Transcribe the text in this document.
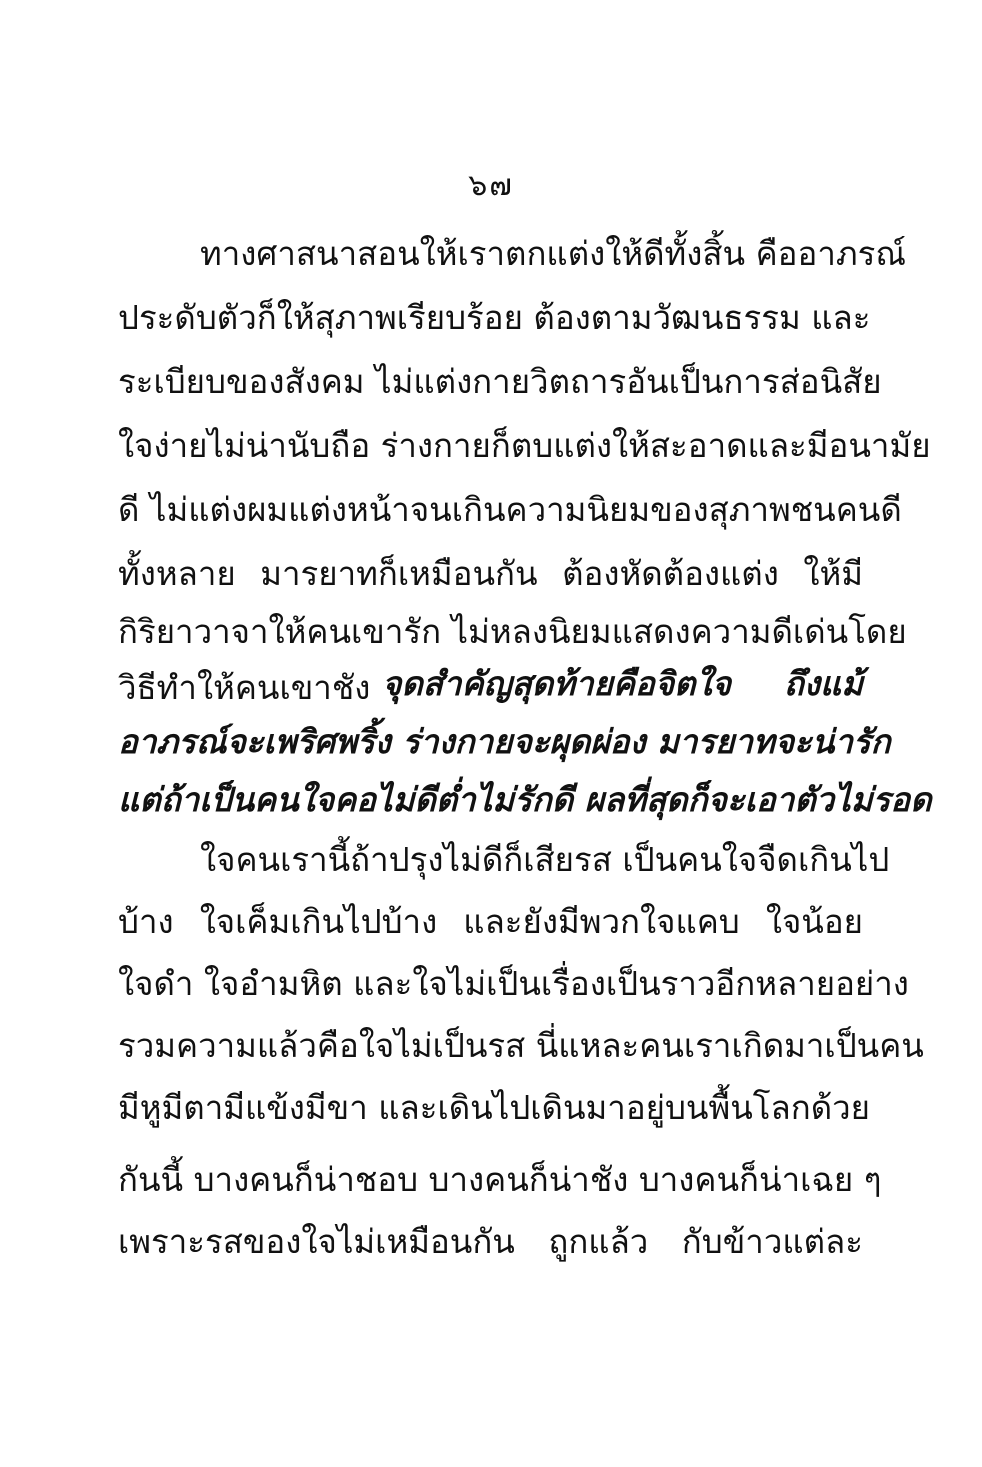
๖๗
ทางศาสนาสอนให้เราตกแต่งให้ดีทั้งสิ้น คืออาภรณ์
ประดับตัวก็ให้สุภาพเรียบร้อย ต้องตามวัฒนธรรม และ
ระเบียบของสังคม ไม่แต่งกายวิตถารอันเป็นการส่อนิสัย
ใจง่ายไม่น่านับถือ ร่างกายก็ตบแต่งให้สะอาดและมีอนามัย
ดี ไม่แต่งผมแต่งหน้าจนเกินความนิยมของสุภาพชนคนดี
ทั้งหลาย มารยาทก็เหมือนกัน ต้องหัดต้องแต่ง ให้มี
กิริยาวาจาให้คนเขารัก ไม่หลงนิยมแสดงความดีเด่นโดย
วิธีทำให้คนเขาชัง จุดสำคัญสุดท้ายคือจิตใจ ถึงแม้
อาภรณ์จะเพริศพริ้ง ร่างกายจะผุดผ่อง มารยาทจะน่ารัก
แต่ถ้าเป็นคนใจคอไม่ดีต่ำไม่รักดี ผลที่สุดก็จะเอาตัวไม่รอด
ใจคนเรานี้ถ้าปรุงไม่ดีก็เสียรส เป็นคนใจจืดเกินไป
บ้าง ใจเค็มเกินไปบ้าง และยังมีพวกใจแคบ ใจน้อย
ใจดำ ใจอำมหิต และใจไม่เป็นเรื่องเป็นราวอีกหลายอย่าง
รวมความแล้วคือใจไม่เป็นรส นี่แหละคนเราเกิดมาเป็นคน
มีหูมีตามีแข้งมีขา และเดินไปเดินมาอยู่บนพื้นโลกด้วย
กันนี้ บางคนก็น่าชอบ บางคนก็น่าชัง บางคนก็น่าเฉย ๆ
เพราะรสของใจไม่เหมือนกัน ถูกแล้ว กับข้าวแต่ละ
